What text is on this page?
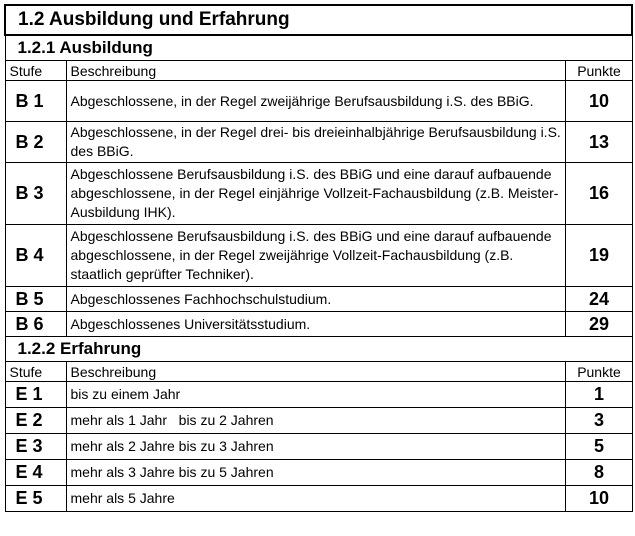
1.2 Ausbildung und Erfahrung		
1.2.1 Ausbildung		
Stufe	Beschreibung	Punkte
B 1	Abgeschlossene, in der Regel zweijährige Berufsausbildung i.S. des BBiG.	10
B 2	Abgeschlossene, in der Regel drei- bis dreieinhalbjährige Berufsausbildung i.S. des BBiG.	13
B 3	Abgeschlossene Berufsausbildung i.S. des BBiG und eine darauf aufbauende abgeschlossene, in der Regel einjährige Vollzeit-Fachausbildung (z.B. Meister-Ausbildung IHK).	16
B 4	Abgeschlossene Berufsausbildung i.S. des BBiG und eine darauf aufbauende abgeschlossene, in der Regel zweijährige Vollzeit-Fachausbildung (z.B. staatlich geprüfter Techniker).	19
B 5	Abgeschlossenes Fachhochschulstudium.	24
B 6	Abgeschlossenes Universitätsstudium.	29
1.2.2 Erfahrung		
Stufe	Beschreibung	Punkte
E 1	bis zu einem Jahr	1
E 2	mehr als 1 Jahr   bis zu 2 Jahren	3
E 3	mehr als 2 Jahre bis zu 3 Jahren	5
E 4	mehr als 3 Jahre bis zu 5 Jahren	8
E 5	mehr als 5 Jahre	10
